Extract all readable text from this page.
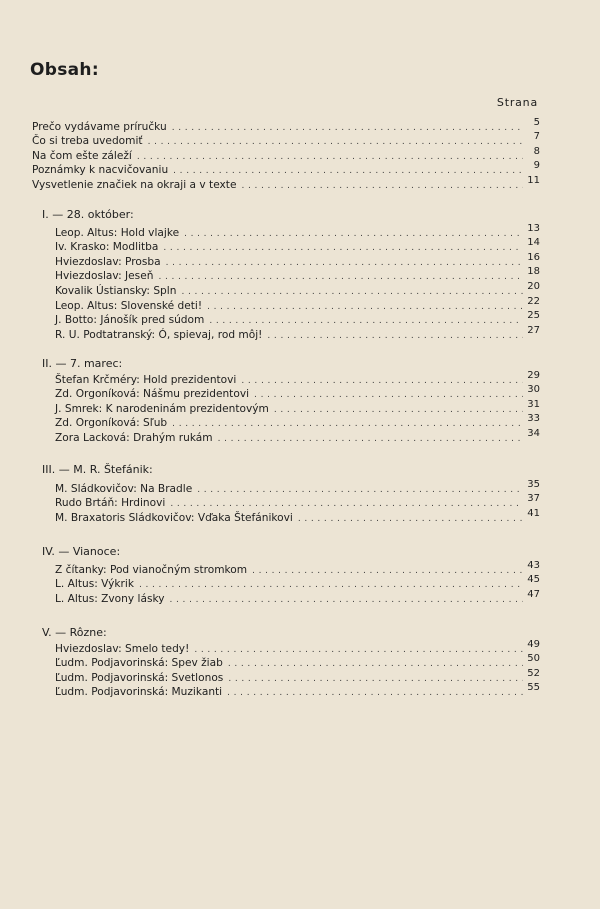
Obsah:
Strana
Prečo vydávame príručku . . .	5
Čo si treba uvedomiť . . .	7
Na čom ešte záleží . . .	8
Poznámky k nacvičovaniu . . .	9
Vysvetlenie značiek na okraji a v texte . . .	11
I. — 28. október:
Leop. Altus: Hold vlajke . . .	13
Iv. Krasko: Modlitba . . .	14
Hviezdoslav: Prosba . . .	16
Hviezdoslav: Jeseň . . .	18
Kovalik Ústiansky: Spln . . .	20
Leop. Altus: Slovenské deti! . . .	22
J. Botto: Jánošík pred súdom . . .	25
R. U. Podtatranský: Ó, spievaj, rod môj! . . .	27
II. — 7. marec:
Štefan Krčméry: Hold prezidentovi . . .	29
Zd. Orgoníková: Nášmu prezidentovi . . .	30
J. Smrek: K narodeninám prezidentovým . . .	31
Zd. Orgoníková: Sľub . . .	33
Zora Lacková: Drahým rukám . . .	34
III. — M. R. Štefánik:
M. Sládkovičov: Na Bradle . . .	35
Rudo Brtáň: Hrdinovi . . .	37
M. Braxatoris Sládkovičov: Vďaka Štefánikovi . . .	41
IV. — Vianoce:
Z čítanky: Pod vianočným stromkom . . .	43
L. Altus: Výkrik . . .	45
L. Altus: Zvony lásky . . .	47
V. — Rôzne:
Hviezdoslav: Smelo tedy! . . .	49
Ľudm. Podjavorinská: Spev žiab . . .	50
Ľudm. Podjavorinská: Svetlonos . . .	52
Ľudm. Podjavorinská: Muzikanti . . .	55
